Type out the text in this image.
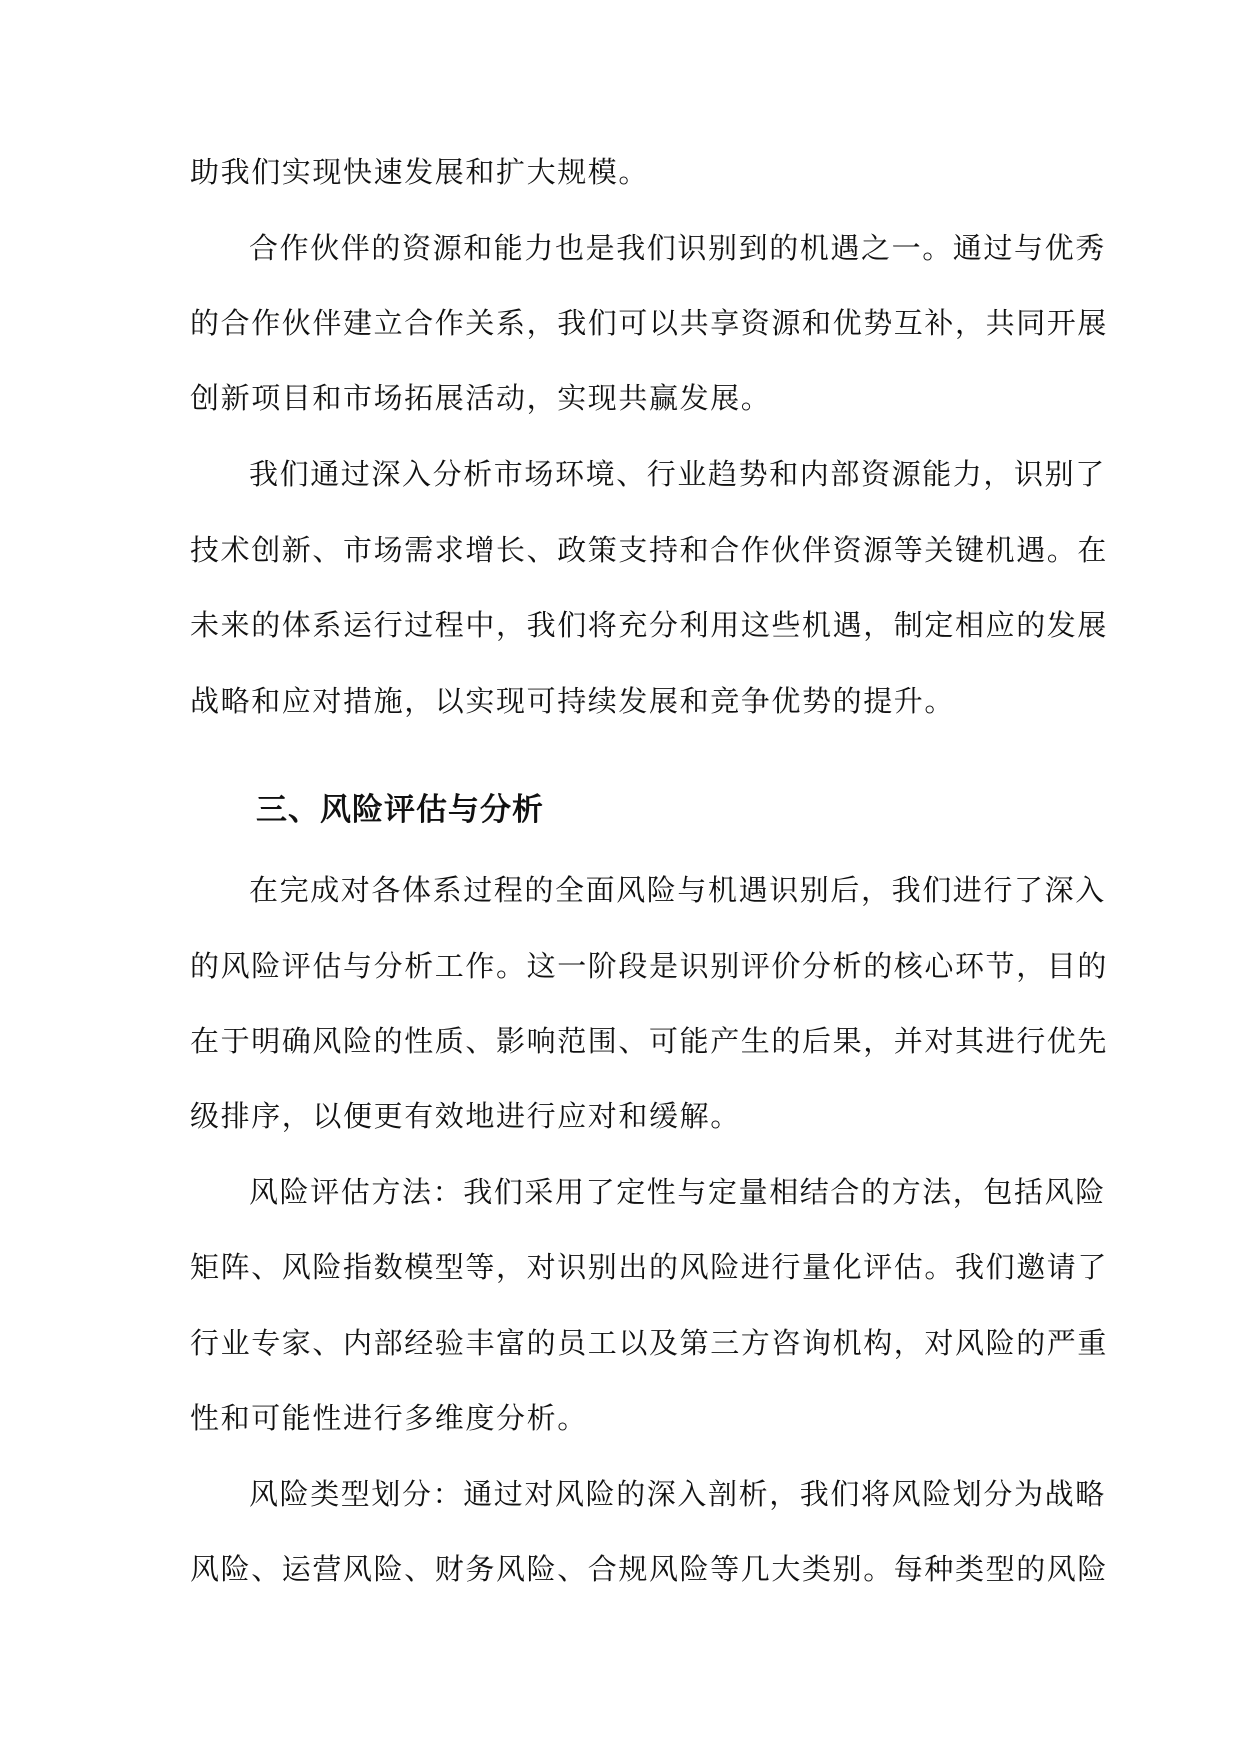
助我们实现快速发展和扩大规模。

合作伙伴的资源和能力也是我们识别到的机遇之一。通过与优秀

的合作伙伴建立合作关系，我们可以共享资源和优势互补，共同开展

创新项目和市场拓展活动，实现共赢发展。

我们通过深入分析市场环境、行业趋势和内部资源能力，识别了

技术创新、市场需求增长、政策支持和合作伙伴资源等关键机遇。在

未来的体系运行过程中，我们将充分利用这些机遇，制定相应的发展

战略和应对措施，以实现可持续发展和竞争优势的提升。

三、风险评估与分析

在完成对各体系过程的全面风险与机遇识别后，我们进行了深入

的风险评估与分析工作。这一阶段是识别评价分析的核心环节，目的

在于明确风险的性质、影响范围、可能产生的后果，并对其进行优先

级排序，以便更有效地进行应对和缓解。

风险评估方法：我们采用了定性与定量相结合的方法，包括风险

矩阵、风险指数模型等，对识别出的风险进行量化评估。我们邀请了

行业专家、内部经验丰富的员工以及第三方咨询机构，对风险的严重

性和可能性进行多维度分析。

风险类型划分：通过对风险的深入剖析，我们将风险划分为战略

风险、运营风险、财务风险、合规风险等几大类别。每种类型的风险
